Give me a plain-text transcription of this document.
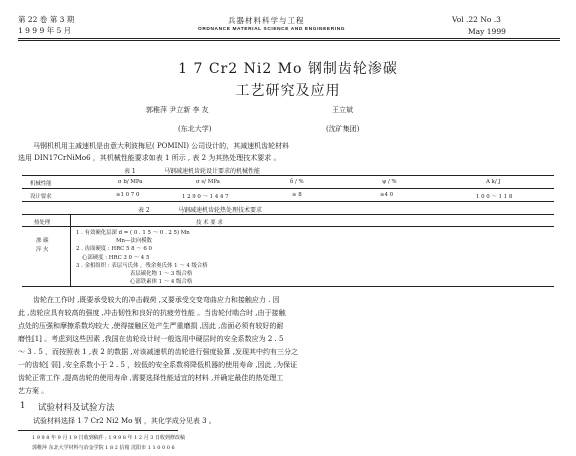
第 22 卷 第 3 期
1 9 9 9 年 5 月
兵器材料科学与工程
ORDNANCE MATERIAL SCIENCE AND ENGINEERING
Vol .22 No .3
May 1999
1 7 Cr2 Ni2 Mo 钢制齿轮渗碳
工艺研究及应用
郭稚萍 尹立新 李 友	王立斌
(东北大学)	(沈矿集团)
马钢机机用主减速机是由意大利波梅尼( POMINI) 公司设计的，其减速机齿轮材料
选用 DIN17CrNiMo6 ，其机械性能要求如表 1 所示 , 表 2 为其热处理技术要求 。
表 1	马钢减速机齿轮设计要求的机械性能
机械性能	σ b/ MPa	σ s/ MPa	δ / %	ψ / %	A k/ J
设计要求	≥1 0 7 0	1 2 9 0 ～ 1 4 4 7	≥ 8	≥4 0	1 0 0 ～ 1 1 8
表 2	马钢减速机齿轮热处理技术要求
热处理	技 术 要 求
渗 碳
淬 火
1 . 有效硬化层深 d = ( 0 . 1 5 ～ 0 . 2 5) Mn
Mn—法向模数
2 . 齿面硬度 : HRC 5 8 ～ 6 0
心部硬度 : HRC 3 0 ～ 4 5
3 . 金相组织 : 表层马氏体 ，残余奥氏体 1 ～ 4 级合格
表层碳化物 1 ～ 3 级合格
心部铁素体 1 ～ 4 级合格
齿轮在工作时 ,既要承受较大的冲击载荷 ,又要承受交变弯曲应力和接触应力 . 因
此 ,齿轮应具有较高的强度 ,冲击韧性和良好的抗疲劳性能 。当齿轮付啮合时 ,由于接触
点处的压强和摩擦系数均较大 ,使得接触区处产生严重磨损 ,因此 ,齿面必须有较好的耐
磨性[1] 。考虑到这些因素 ,我国在齿轮设计时一般选用中硬层时的安全系数应为 2 . 5
～ 3 . 5 ，而按照表 1 ,表 2 的数据 ,对该减速机的齿轮进行强度验算 ,发现其中约有三分之
一的齿轮[ 弱] ,安全系数小于 2 . 5 ，较低的安全系数将降低机器的使用寿命 ,因此 ,为保证
齿轮正常工作 ,提高齿轮的使用寿命 ,需要选择性能适宜的材料 ,并确定最佳的热处理工
艺方案 。
1 试验材料及试验方法
试验材料选择 1 7 Cr2 Ni2 Mo 钢 ，其化学成分见表 3 。
1 9 9 8 年 9 月 1 9 日收到稿件 ; 1 9 9 8 年 1 2 月 3 日收到修改稿
郭稚萍 东北大学材料与冶金学院 1 8 2 信箱 沈阳市 1 1 0 0 0 6
